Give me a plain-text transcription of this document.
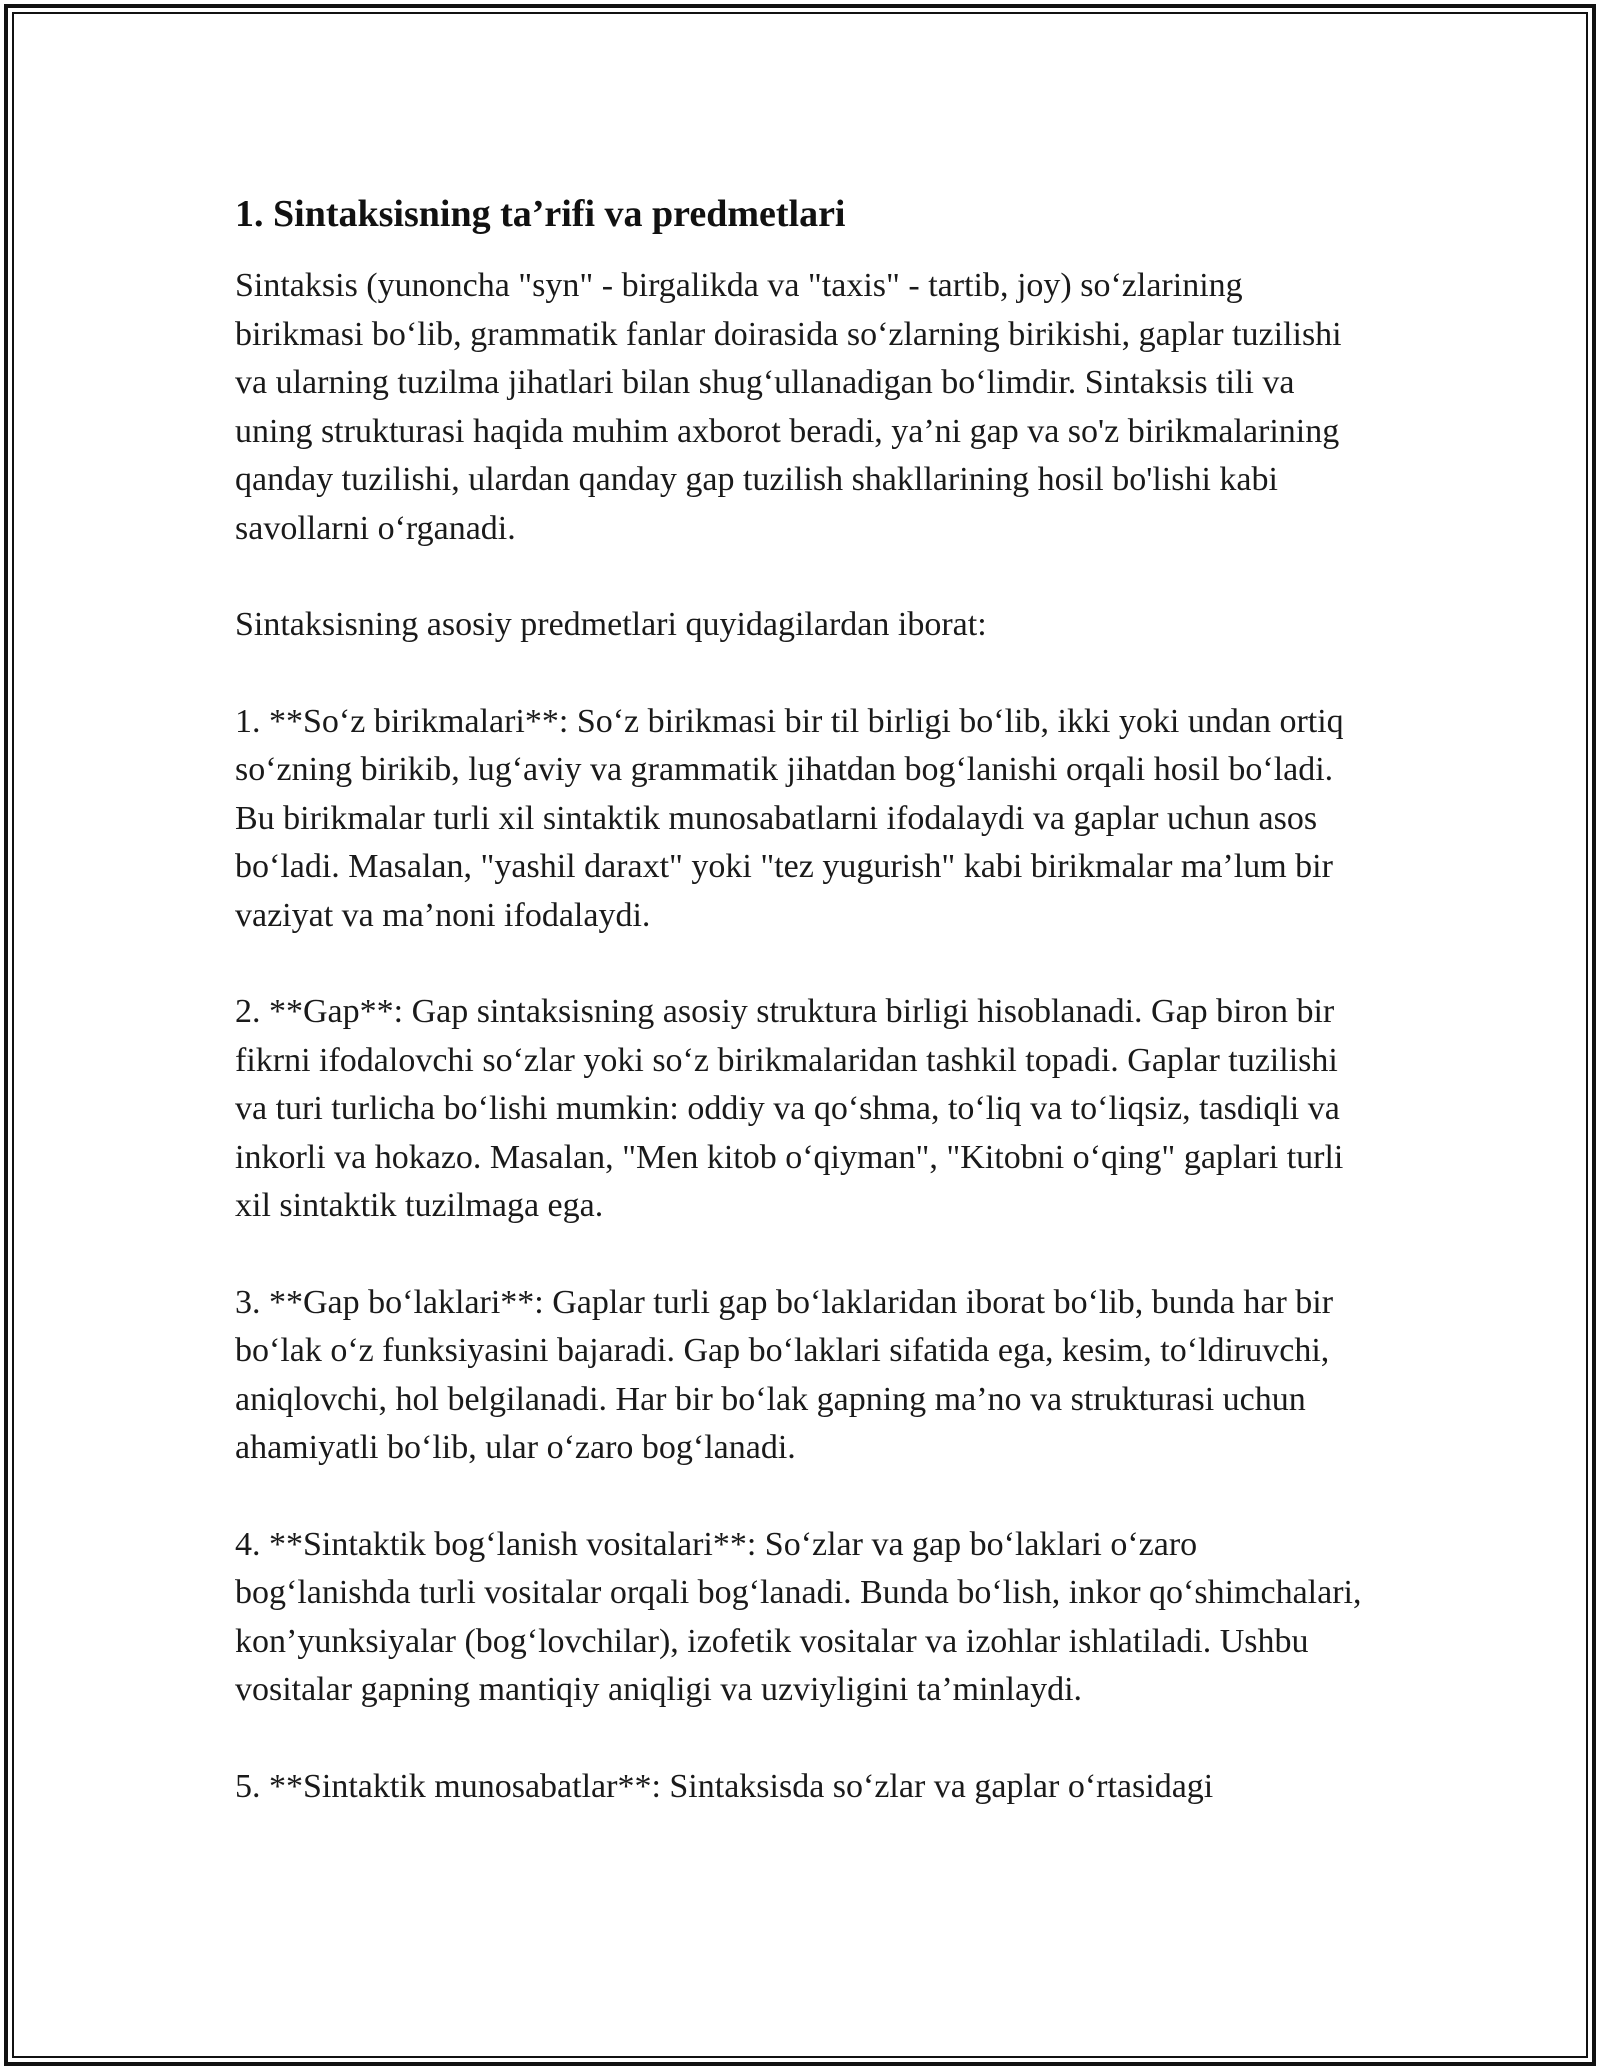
1. Sintaksisning ta’rifi va predmetlari

Sintaksis (yunoncha "syn" - birgalikda va "taxis" - tartib, joy) so‘zlarining birikmasi bo‘lib, grammatik fanlar doirasida so‘zlarning birikishi, gaplar tuzilishi va ularning tuzilma jihatlari bilan shug‘ullanadigan bo‘limdir. Sintaksis tili va uning strukturasi haqida muhim axborot beradi, ya’ni gap va so'z birikmalarining qanday tuzilishi, ulardan qanday gap tuzilish shakllarining hosil bo'lishi kabi savollarni o‘rganadi.

Sintaksisning asosiy predmetlari quyidagilardan iborat:

1. **So‘z birikmalari**: So‘z birikmasi bir til birligi bo‘lib, ikki yoki undan ortiq so‘zning birikib, lug‘aviy va grammatik jihatdan bog‘lanishi orqali hosil bo‘ladi. Bu birikmalar turli xil sintaktik munosabatlarni ifodalaydi va gaplar uchun asos bo‘ladi. Masalan, "yashil daraxt" yoki "tez yugurish" kabi birikmalar ma’lum bir vaziyat va ma’noni ifodalaydi.

2. **Gap**: Gap sintaksisning asosiy struktura birligi hisoblanadi. Gap biron bir fikrni ifodalovchi so‘zlar yoki so‘z birikmalaridan tashkil topadi. Gaplar tuzilishi va turi turlicha bo‘lishi mumkin: oddiy va qo‘shma, to‘liq va to‘liqsiz, tasdiqli va inkorli va hokazo. Masalan, "Men kitob o‘qiyman", "Kitobni o‘qing" gaplari turli xil sintaktik tuzilmaga ega.

3. **Gap bo‘laklari**: Gaplar turli gap bo‘laklaridan iborat bo‘lib, bunda har bir bo‘lak o‘z funksiyasini bajaradi. Gap bo‘laklari sifatida ega, kesim, to‘ldiruvchi, aniqlovchi, hol belgilanadi. Har bir bo‘lak gapning ma’no va strukturasi uchun ahamiyatli bo‘lib, ular o‘zaro bog‘lanadi.

4. **Sintaktik bog‘lanish vositalari**: So‘zlar va gap bo‘laklari o‘zaro bog‘lanishda turli vositalar orqali bog‘lanadi. Bunda bo‘lish, inkor qo‘shimchalari, kon’yunksiyalar (bog‘lovchilar), izofetik vositalar va izohlar ishlatiladi. Ushbu vositalar gapning mantiqiy aniqligi va uzviyligini ta’minlaydi.

5. **Sintaktik munosabatlar**: Sintaksisda so‘zlar va gaplar o‘rtasidagi
